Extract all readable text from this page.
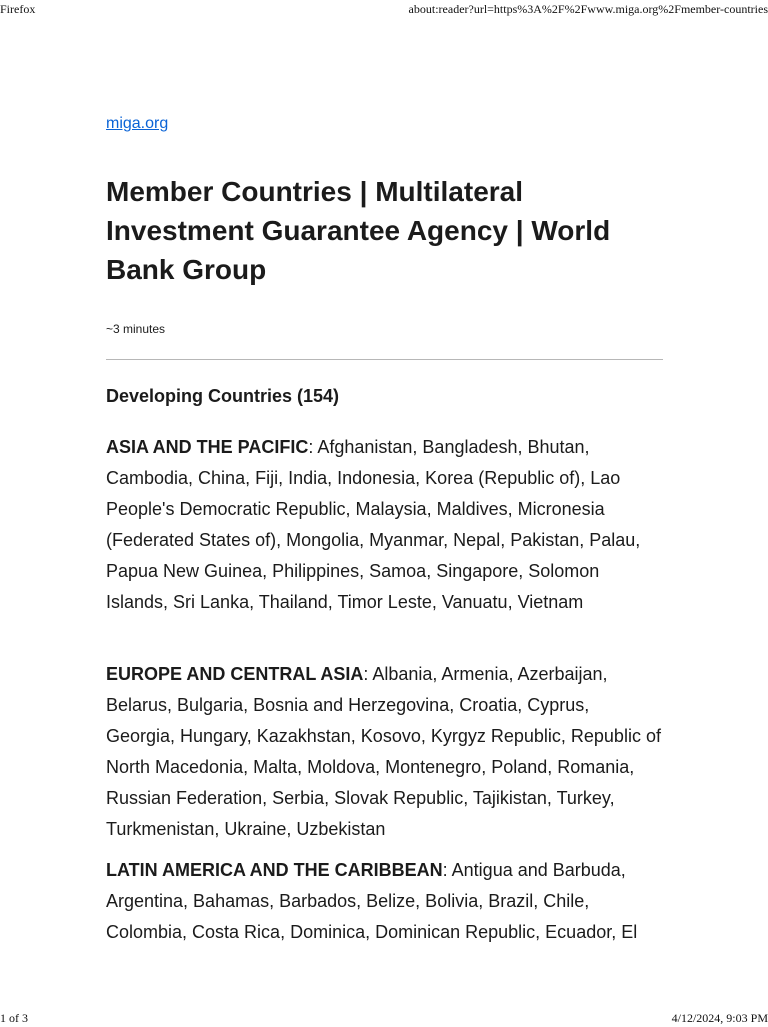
Firefox	about:reader?url=https%3A%2F%2Fwww.miga.org%2Fmember-countries
miga.org
Member Countries | Multilateral Investment Guarantee Agency | World Bank Group
~3 minutes
Developing Countries (154)

ASIA AND THE PACIFIC: Afghanistan, Bangladesh, Bhutan, Cambodia, China, Fiji, India, Indonesia, Korea (Republic of), Lao People's Democratic Republic, Malaysia, Maldives, Micronesia (Federated States of), Mongolia, Myanmar, Nepal, Pakistan, Palau, Papua New Guinea, Philippines, Samoa, Singapore, Solomon Islands, Sri Lanka, Thailand, Timor Leste, Vanuatu, Vietnam

EUROPE AND CENTRAL ASIA: Albania, Armenia, Azerbaijan, Belarus, Bulgaria, Bosnia and Herzegovina, Croatia, Cyprus, Georgia, Hungary, Kazakhstan, Kosovo, Kyrgyz Republic, Republic of North Macedonia, Malta, Moldova, Montenegro, Poland, Romania, Russian Federation, Serbia, Slovak Republic, Tajikistan, Turkey, Turkmenistan, Ukraine, Uzbekistan

LATIN AMERICA AND THE CARIBBEAN: Antigua and Barbuda, Argentina, Bahamas, Barbados, Belize, Bolivia, Brazil, Chile, Colombia, Costa Rica, Dominica, Dominican Republic, Ecuador, El

1 of 3	4/12/2024, 9:03 PM
